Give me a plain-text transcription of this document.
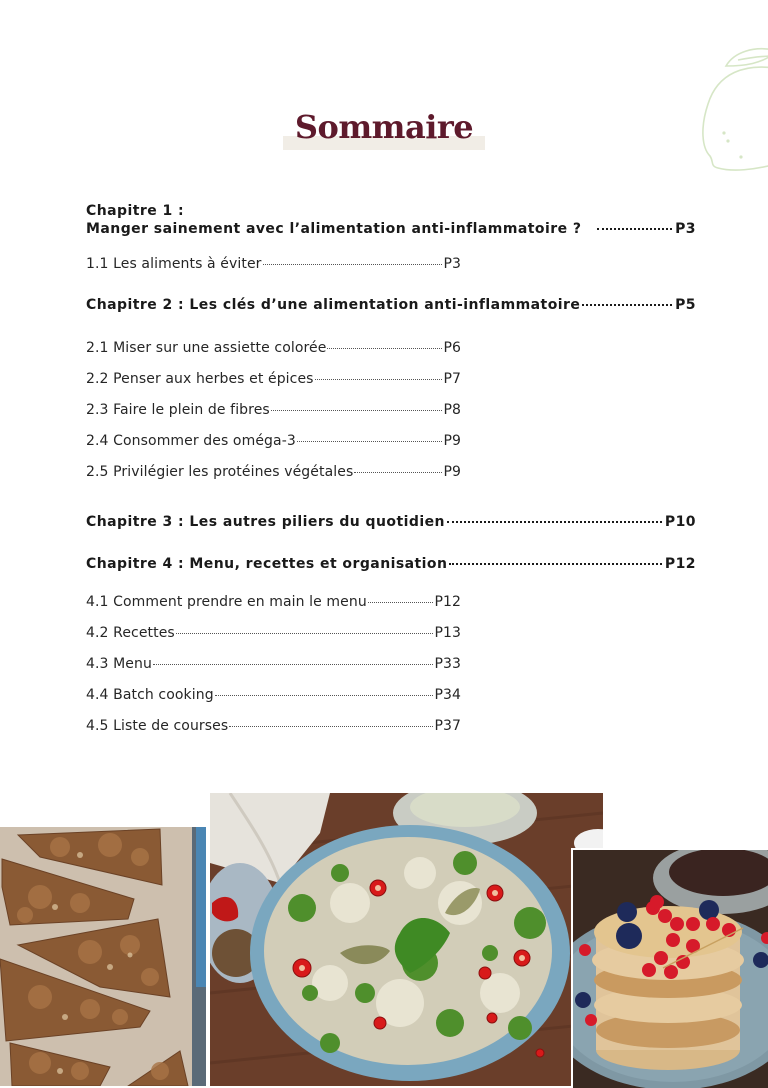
Sommaire
Chapitre 1 :
Manger sainement avec l’alimentation anti-inflammatoire ?	P3
1.1 Les aliments à éviter	P3
Chapitre 2 : Les clés d’une alimentation anti-inflammatoire	P5
2.1 Miser sur une assiette colorée	P6
2.2 Penser aux herbes et épices	P7
2.3 Faire le plein de fibres	P8
2.4 Consommer des oméga-3	P9
2.5 Privilégier les protéines végétales	P9
Chapitre 3 : Les autres piliers du quotidien	P10
Chapitre 4 : Menu, recettes et organisation	P12
4.1 Comment prendre en main le menu	P12
4.2 Recettes	P13
4.3 Menu	P33
4.4 Batch cooking	P34
4.5 Liste de courses	P37
